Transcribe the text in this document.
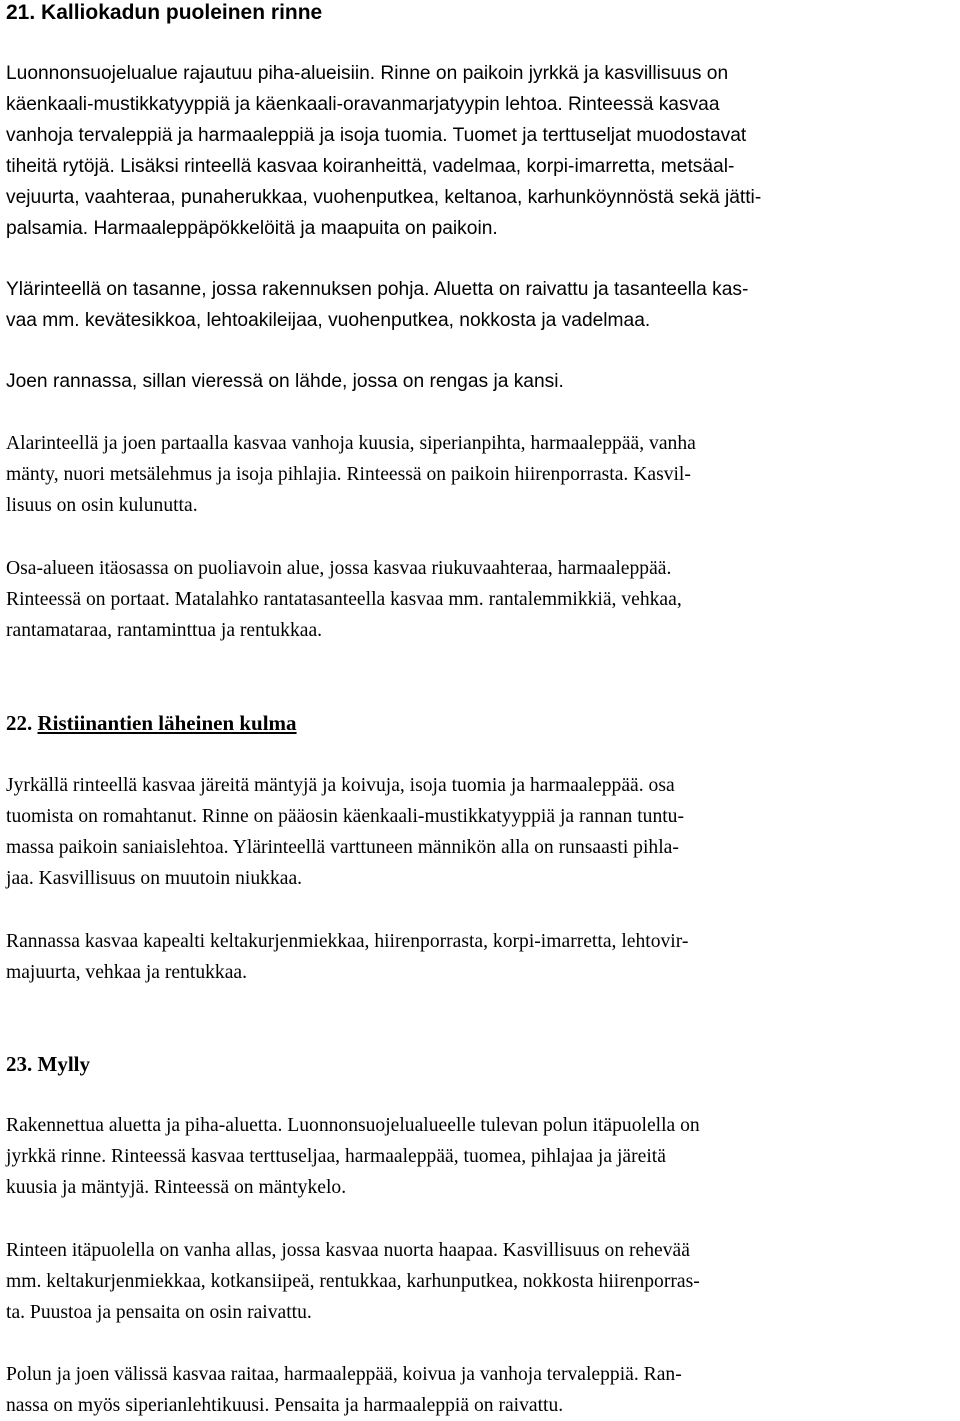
21. Kalliokadun puoleinen rinne

Luonnonsuojelualue rajautuu piha-alueisiin. Rinne on paikoin jyrkkä ja kasvillisuus on
käenkaali-mustikkatyyppiä ja käenkaali-oravanmarjatyypin lehtoa. Rinteessä kasvaa
vanhoja tervaleppiä ja harmaaleppiä ja isoja tuomia. Tuomet ja terttuseljat muodostavat
tiheitä rytöjä. Lisäksi rinteellä kasvaa koiranheittä, vadelmaa, korpi-imarretta, metsäal-
vejuurta, vaahteraa, punaherukkaa, vuohenputkea, keltanoa, karhunköynnöstä sekä jätti-
palsamia. Harmaaleppäpökkelöitä ja maapuita on paikoin.

Ylärinteellä on tasanne, jossa rakennuksen pohja. Aluetta on raivattu ja tasanteella kas-
vaa mm. kevätesikkoa, lehtoakileijaa, vuohenputkea, nokkosta ja vadelmaa.

Joen rannassa, sillan vieressä on lähde, jossa on rengas ja kansi.

Alarinteellä ja joen partaalla kasvaa vanhoja kuusia, siperianpihta, harmaaleppää, vanha
mänty, nuori metsälehmus ja isoja pihlajia. Rinteessä on paikoin hiirenporrasta. Kasvil-
lisuus on osin kulunutta.

Osa-alueen itäosassa on puoliavoin alue, jossa kasvaa riukuvaahteraa, harmaaleppää.
Rinteessä on portaat. Matalahko rantatasanteella kasvaa mm. rantalemmikkiä, vehkaa,
rantamataraa, rantaminttua ja rentukkaa.

22. Ristiinantien läheinen kulma

Jyrkällä rinteellä kasvaa järeitä mäntyjä ja koivuja, isoja tuomia ja harmaaleppää. osa
tuomista on romahtanut. Rinne on pääosin käenkaali-mustikkatyyppiä ja rannan tuntu-
massa paikoin saniaislehtoa. Ylärinteellä varttuneen männikön alla on runsaasti pihla-
jaa. Kasvillisuus on muutoin niukkaa.

Rannassa kasvaa kapealti keltakurjenmiekkaa, hiirenporrasta, korpi-imarretta, lehtovir-
majuurta, vehkaa ja rentukkaa.

23. Mylly

Rakennettua aluetta ja piha-aluetta. Luonnonsuojelualueelle tulevan polun itäpuolella on
jyrkkä rinne. Rinteessä kasvaa terttuseljaa, harmaaleppää, tuomea, pihlajaa ja järeitä
kuusia ja mäntyjä. Rinteessä on mäntykelo.

Rinteen itäpuolella on vanha allas, jossa kasvaa nuorta haapaa. Kasvillisuus on rehevää
mm. keltakurjenmiekkaa, kotkansiipeä, rentukkaa, karhunputkea, nokkosta hiirenporras-
ta. Puustoa ja pensaita on osin raivattu.

Polun ja joen välissä kasvaa raitaa, harmaaleppää, koivua ja vanhoja tervaleppiä. Ran-
nassa on myös siperianlehtikuusi. Pensaita ja harmaaleppiä on raivattu.
